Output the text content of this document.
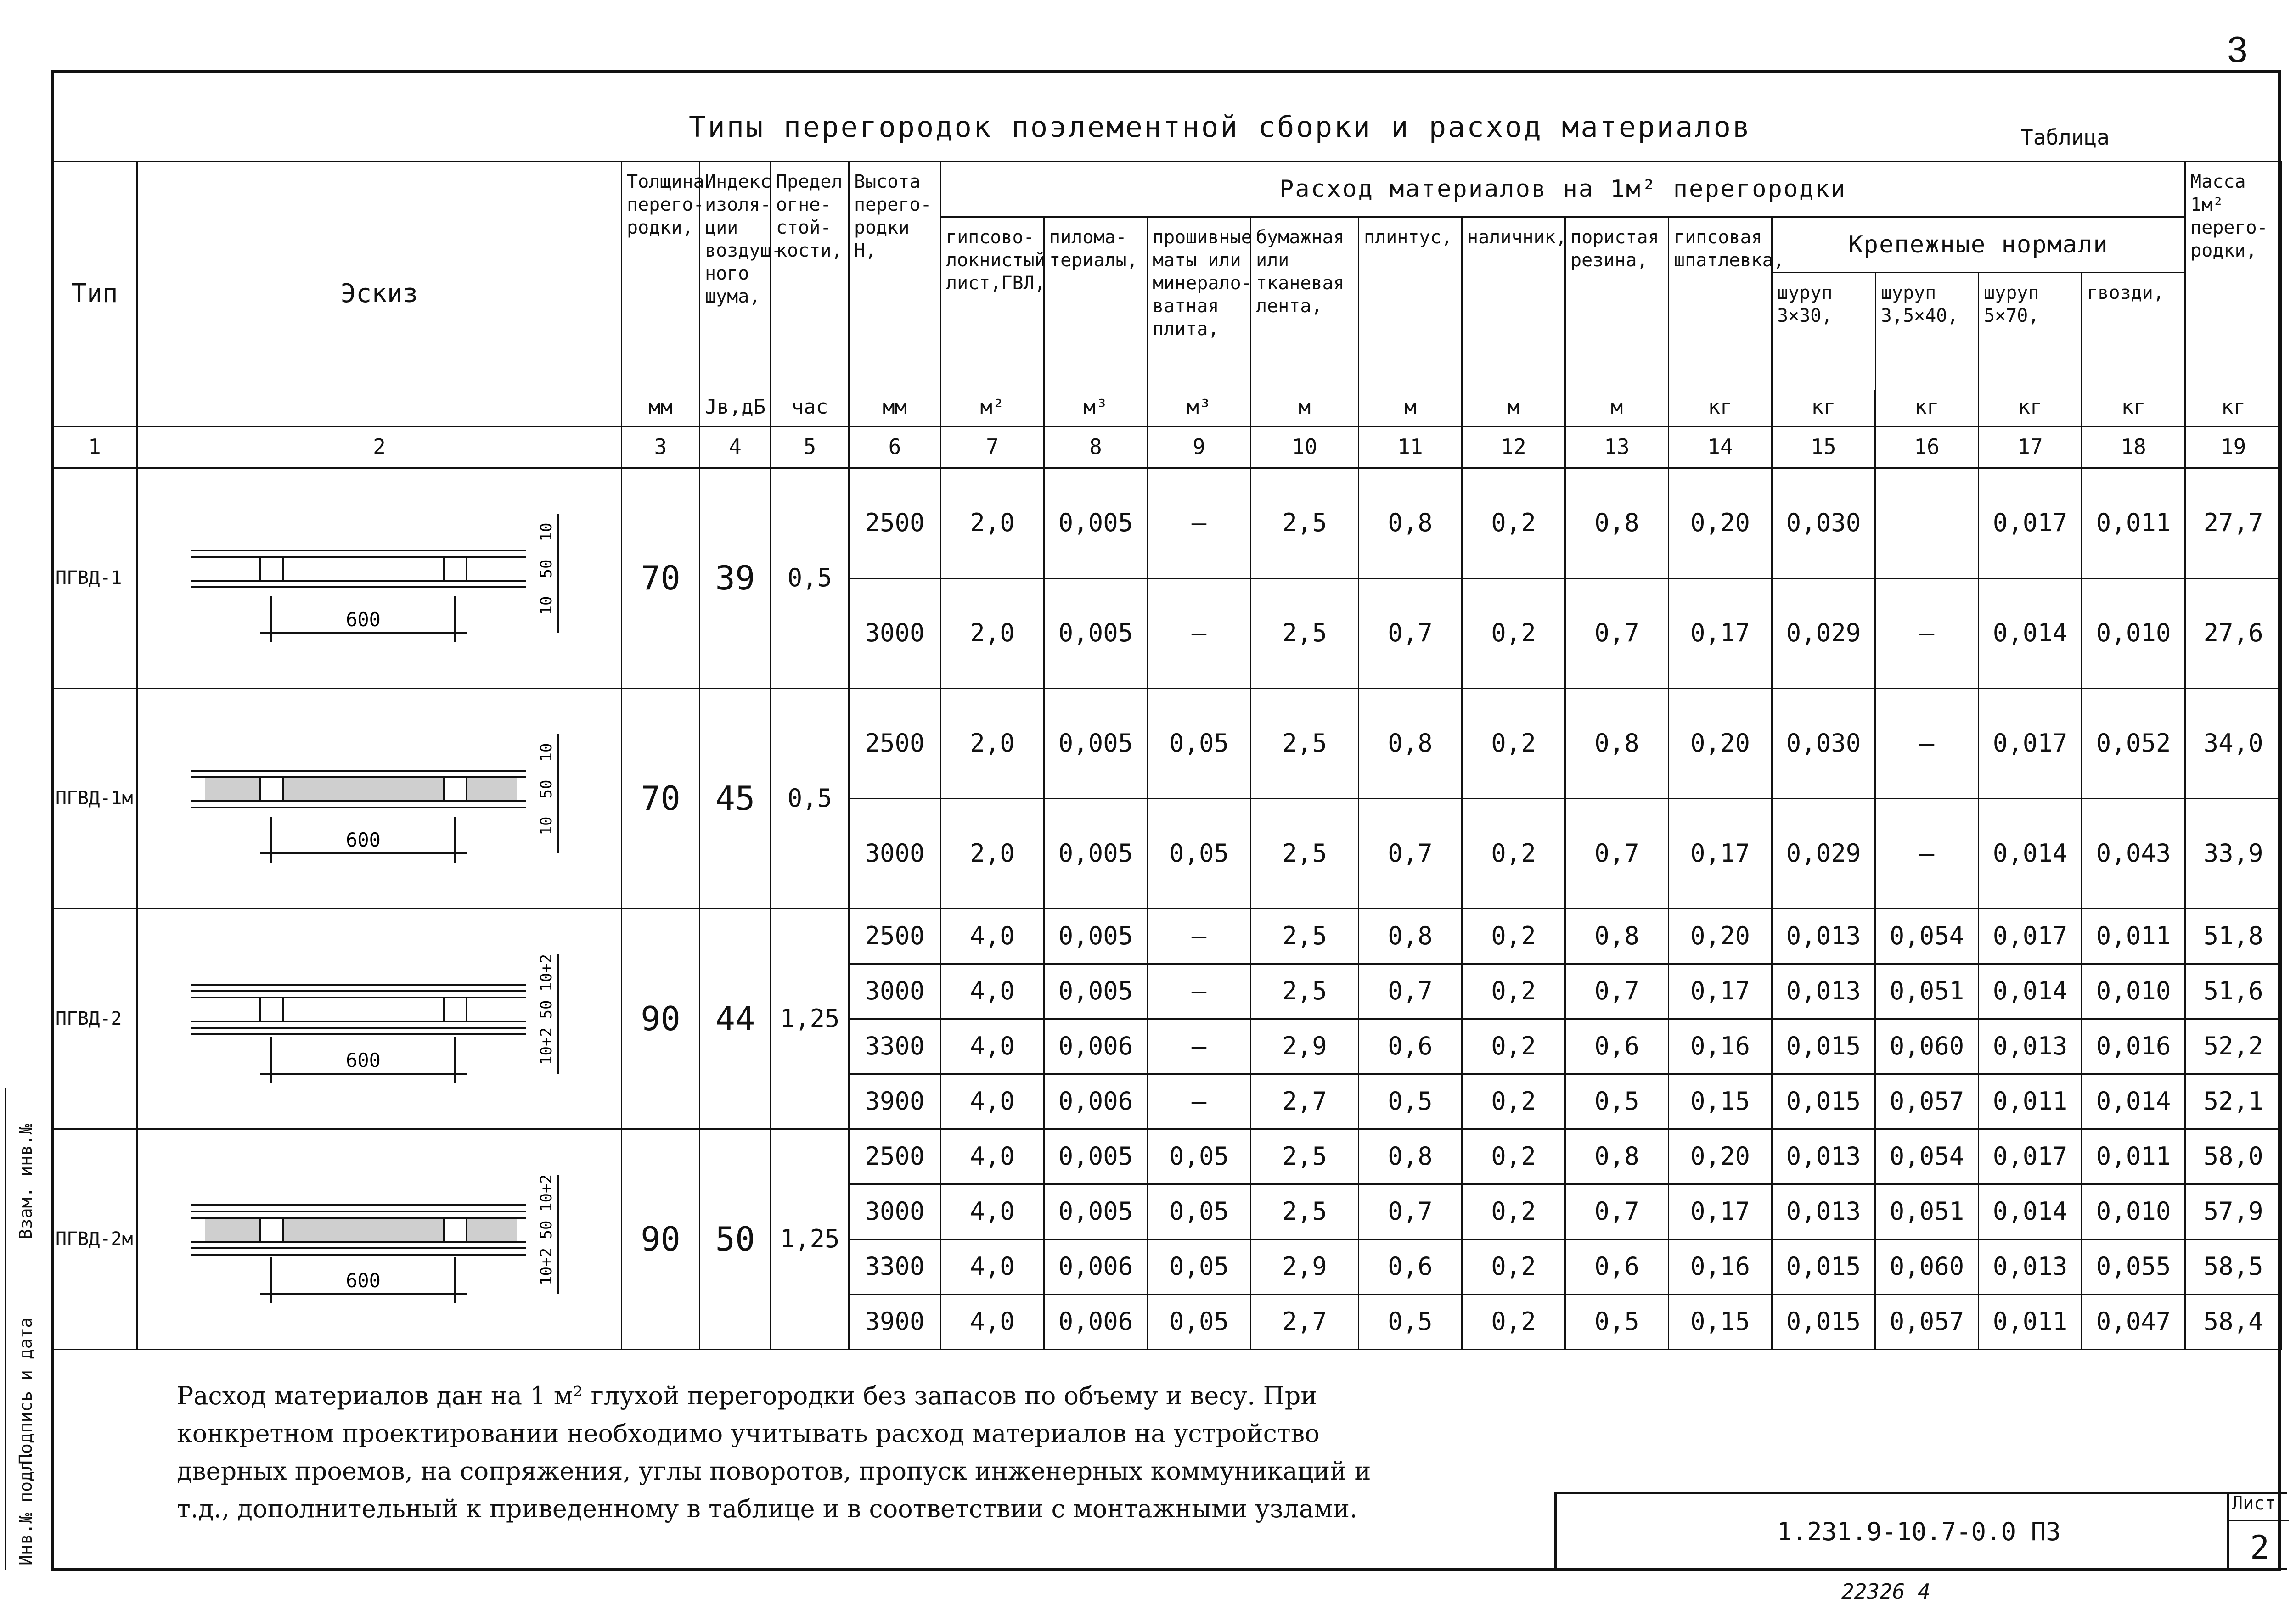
3
Типы перегородок поэлементной сборки и расход материалов	Таблица
Тип	Эскиз	Толщина перего-родки,	Индекс изоля-ции воздуш-ного шума,	Предел огне-стой-кости,	Высота перего-родки Н,	Расход материалов на 1м² перегородки	Масса 1м² перего-родки,
гипсово-локнистый лист,ГВЛ,	пиломa-териалы,	прошивные маты или минерало-ватная плита,	бумажная или тканевая лента,	плинтус,	наличник,	пористая резина,	гипсовая шпатлевка,	
Крепежные нормали
шуруп 3×30,	шуруп 3,5×40,	шуруп 5×70,	гвозди,

мм	Jв,дБ	час	мм	м²	м³	м³	м	м	м	м	кг	кг	кг	кг	кг	кг
1	2	3	4	5	6	7	8	9	10	11	12	13	14	15	16	17	18	19
ПГВД-1	
600
10
50
10
	70	39	0,5	2500	2,0	0,005	—	2,5	0,8	0,2	0,8	0,20	0,030		0,017	0,011	27,7
3000	2,0	0,005	—	2,5	0,7	0,2	0,7	0,17	0,029	—	0,014	0,010	27,6
ПГВД-1м	
600
10
50
10
	70	45	0,5	2500	2,0	0,005	0,05	2,5	0,8	0,2	0,8	0,20	0,030	—	0,017	0,052	34,0
3000	2,0	0,005	0,05	2,5	0,7	0,2	0,7	0,17	0,029	—	0,014	0,043	33,9
ПГВД-2	
600
10+2
50
10+2
	90	44	1,25	2500	4,0	0,005	—	2,5	0,8	0,2	0,8	0,20	0,013	0,054	0,017	0,011	51,8
3000	4,0	0,005	—	2,5	0,7	0,2	0,7	0,17	0,013	0,051	0,014	0,010	51,6
3300	4,0	0,006	—	2,9	0,6	0,2	0,6	0,16	0,015	0,060	0,013	0,016	52,2
3900	4,0	0,006	—	2,7	0,5	0,2	0,5	0,15	0,015	0,057	0,011	0,014	52,1
ПГВД-2м	
600
10+2
50
10+2
	90	50	1,25	2500	4,0	0,005	0,05	2,5	0,8	0,2	0,8	0,20	0,013	0,054	0,017	0,011	58,0
3000	4,0	0,005	0,05	2,5	0,7	0,2	0,7	0,17	0,013	0,051	0,014	0,010	57,9
3300	4,0	0,006	0,05	2,9	0,6	0,2	0,6	0,16	0,015	0,060	0,013	0,055	58,5
3900	4,0	0,006	0,05	2,7	0,5	0,2	0,5	0,15	0,015	0,057	0,011	0,047	58,4
Расход материалов дан на 1 м² глухой перегородки без запасов по объему и весу. При конкретном проектировании необходимо учитывать расход материалов на устройство дверных проемов, на сопряжения, углы поворотов, пропуск инженерных коммуникаций и т.д., дополнительный к приведенному в таблице и в соответствии с монтажными узлами.
1.231.9-10.7-0.0 ПЗ
Лист
2
22326 4
Инв.№ подл.
Подпись и дата
Взам. инв.№
